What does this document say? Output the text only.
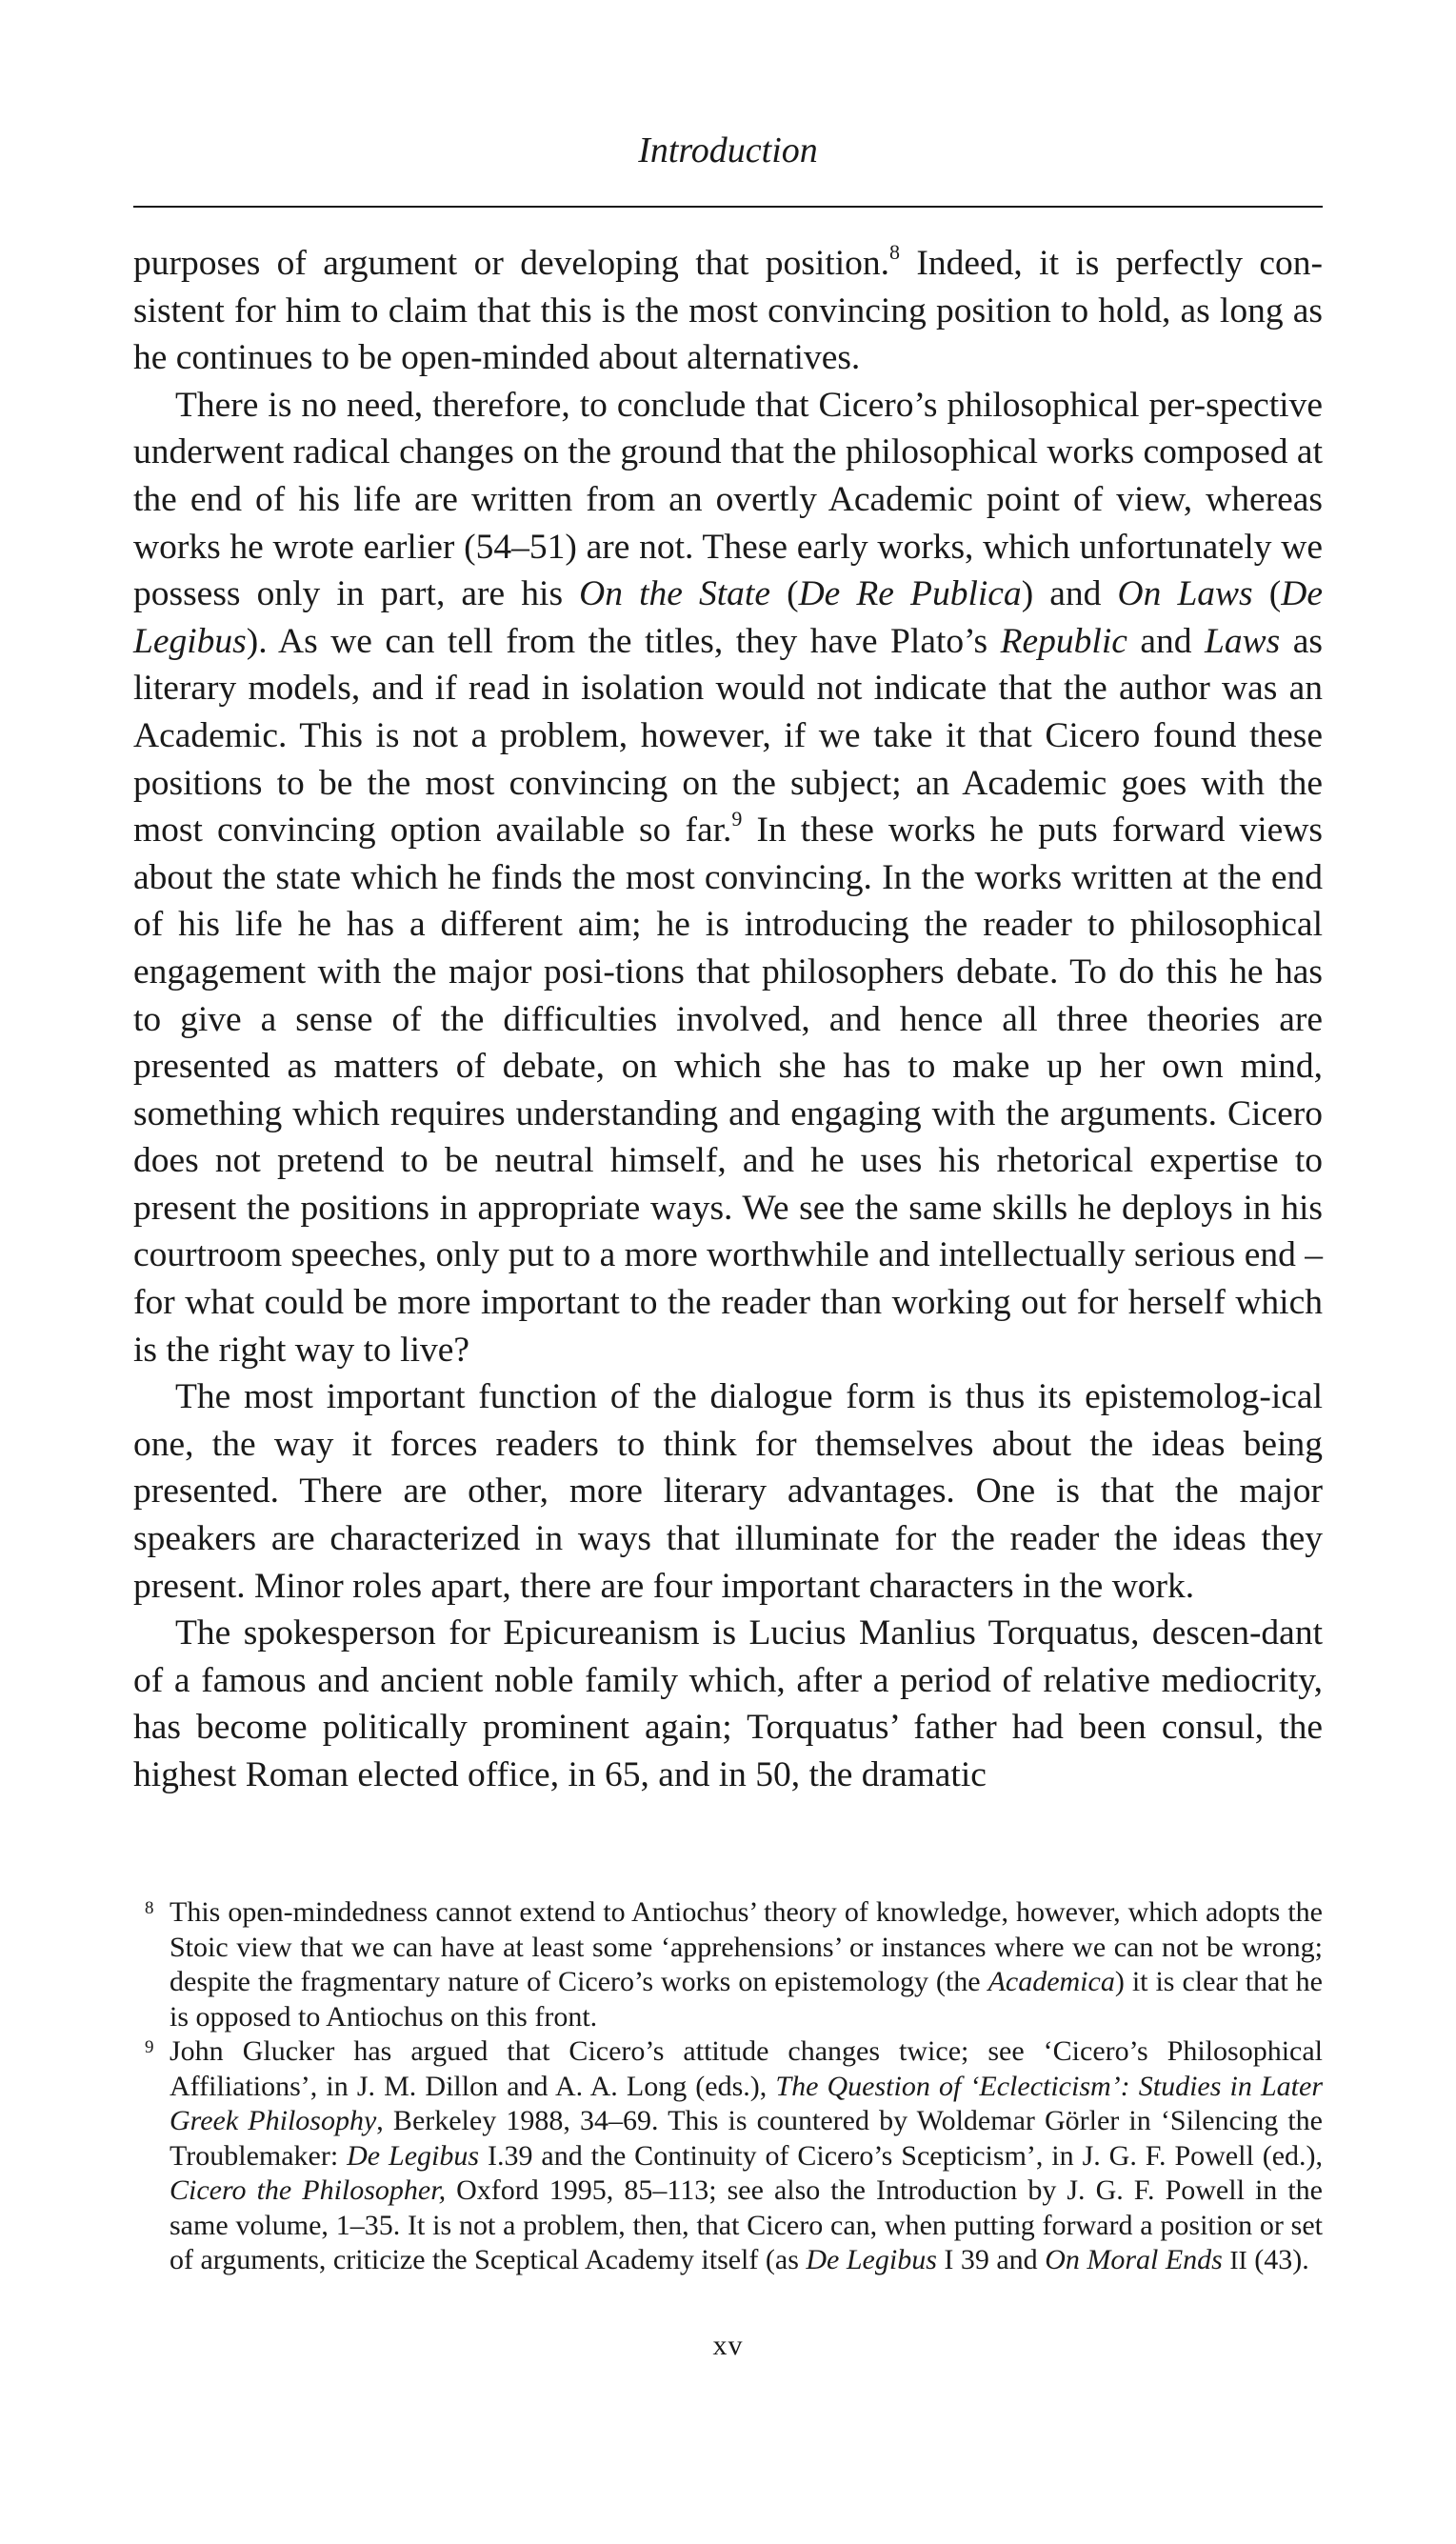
Introduction

purposes of argument or developing that position.$^8$ Indeed, it is perfectly con- sistent for him to claim that this is the most convincing position to hold, as long as he continues to be open-minded about alternatives.

There is no need, therefore, to conclude that Cicero’s philosophical per-spective underwent radical changes on the ground that the philosophical works composed at the end of his life are written from an overtly Academic point of view, whereas works he wrote earlier (54–51) are not. These early works, which unfortunately we possess only in part, are his On the State (De Re Publica) and On Laws (De Legibus). As we can tell from the titles, they have Plato’s Republic and Laws as literary models, and if read in isolation would not indicate that the author was an Academic. This is not a problem, however, if we take it that Cicero found these positions to be the most convincing on the subject; an Academic goes with the most convincing option available so far.$^9$ In these works he puts forward views about the state which he finds the most convincing. In the works written at the end of his life he has a different aim; he is introducing the reader to philosophical engagement with the major posi-tions that philosophers debate. To do this he has to give a sense of the difficulties involved, and hence all three theories are presented as matters of debate, on which she has to make up her own mind, something which requires understanding and engaging with the arguments. Cicero does not pretend to be neutral himself, and he uses his rhetorical expertise to present the positions in appropriate ways. We see the same skills he deploys in his courtroom speeches, only put to a more worthwhile and intellectually serious end – for what could be more important to the reader than working out for herself which is the right way to live?

The most important function of the dialogue form is thus its epistemolog-ical one, the way it forces readers to think for themselves about the ideas being presented. There are other, more literary advantages. One is that the major speakers are characterized in ways that illuminate for the reader the ideas they present. Minor roles apart, there are four important characters in the work.

The spokesperson for Epicureanism is Lucius Manlius Torquatus, descen-dant of a famous and ancient noble family which, after a period of relative mediocrity, has become politically prominent again; Torquatus’ father had been consul, the highest Roman elected office, in 65, and in 50, the dramatic

8 This open-mindedness cannot extend to Antiochus’ theory of knowledge, however, which adopts the Stoic view that we can have at least some ‘apprehensions’ or instances where we can not be wrong; despite the fragmentary nature of Cicero’s works on epistemology (the Academica) it is clear that he is opposed to Antiochus on this front.

9 John Glucker has argued that Cicero’s attitude changes twice; see ‘Cicero’s Philosophical Affiliations’, in J. M. Dillon and A. A. Long (eds.), The Question of ‘Eclecticism’: Studies in Later Greek Philosophy, Berkeley 1988, 34–69. This is countered by Woldemar Görler in ‘Silencing the Troublemaker: De Legibus I.39 and the Continuity of Cicero’s Scepticism’, in J. G. F. Powell (ed.), Cicero the Philosopher, Oxford 1995, 85–113; see also the Introduction by J. G. F. Powell in the same volume, 1–35. It is not a problem, then, that Cicero can, when putting forward a position or set of arguments, criticize the Sceptical Academy itself (as De Legibus I 39 and On Moral Ends II (43).

xv
